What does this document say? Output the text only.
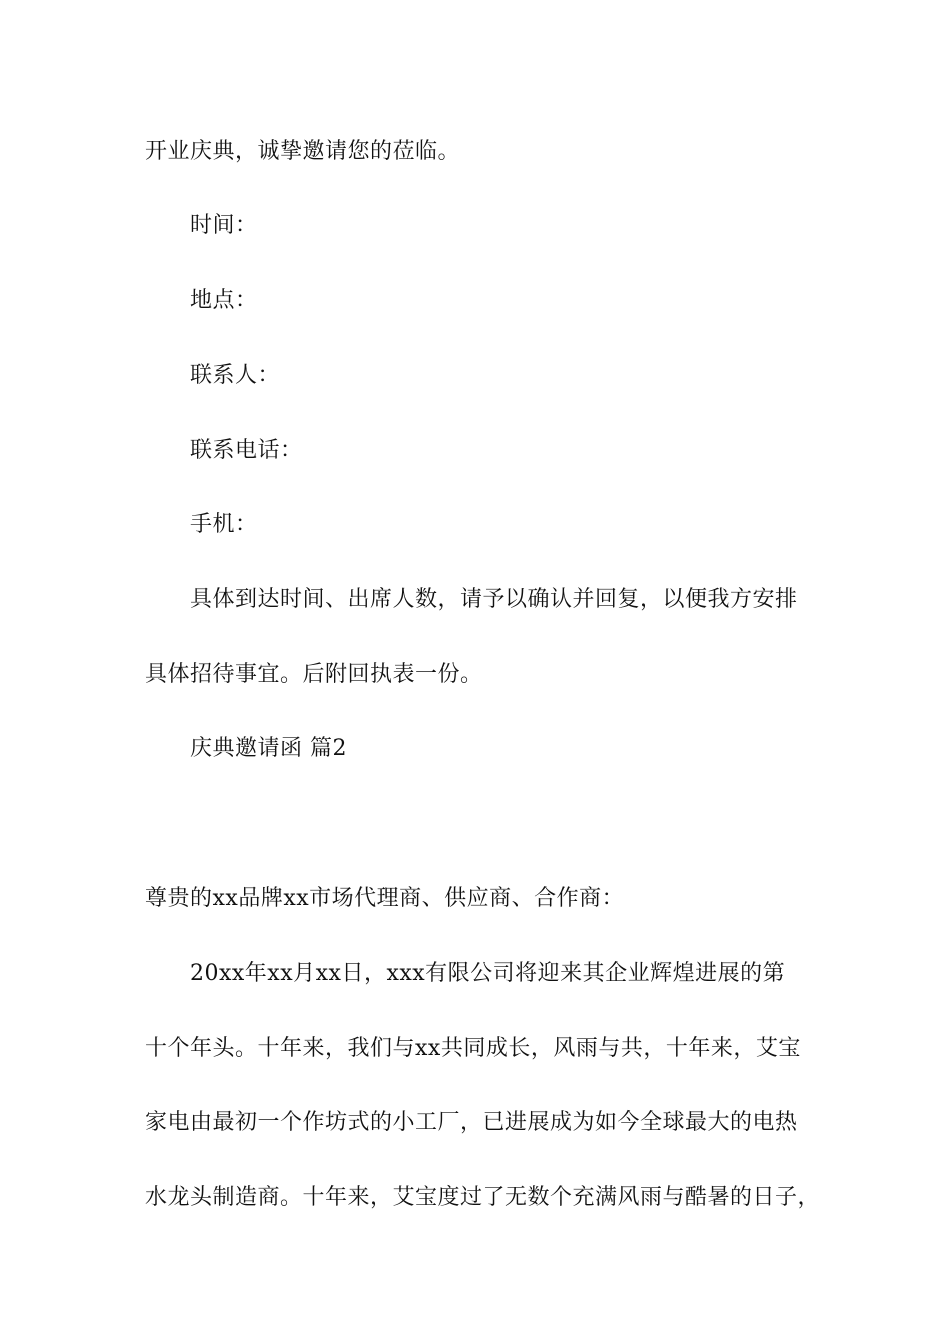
开业庆典，诚挚邀请您的莅临。
时间：
地点：
联系人：
联系电话：
手机：
具体到达时间、出席人数，请予以确认并回复，以便我方安排
具体招待事宜。后附回执表一份。
庆典邀请函 篇2
尊贵的xx品牌xx市场代理商、供应商、合作商：
20xx年xx月xx日，xxx有限公司将迎来其企业辉煌进展的第
十个年头。十年来，我们与xx共同成长，风雨与共，十年来，艾宝
家电由最初一个作坊式的小工厂，已进展成为如今全球最大的电热
水龙头制造商。十年来，艾宝度过了无数个充满风雨与酷暑的日子，
